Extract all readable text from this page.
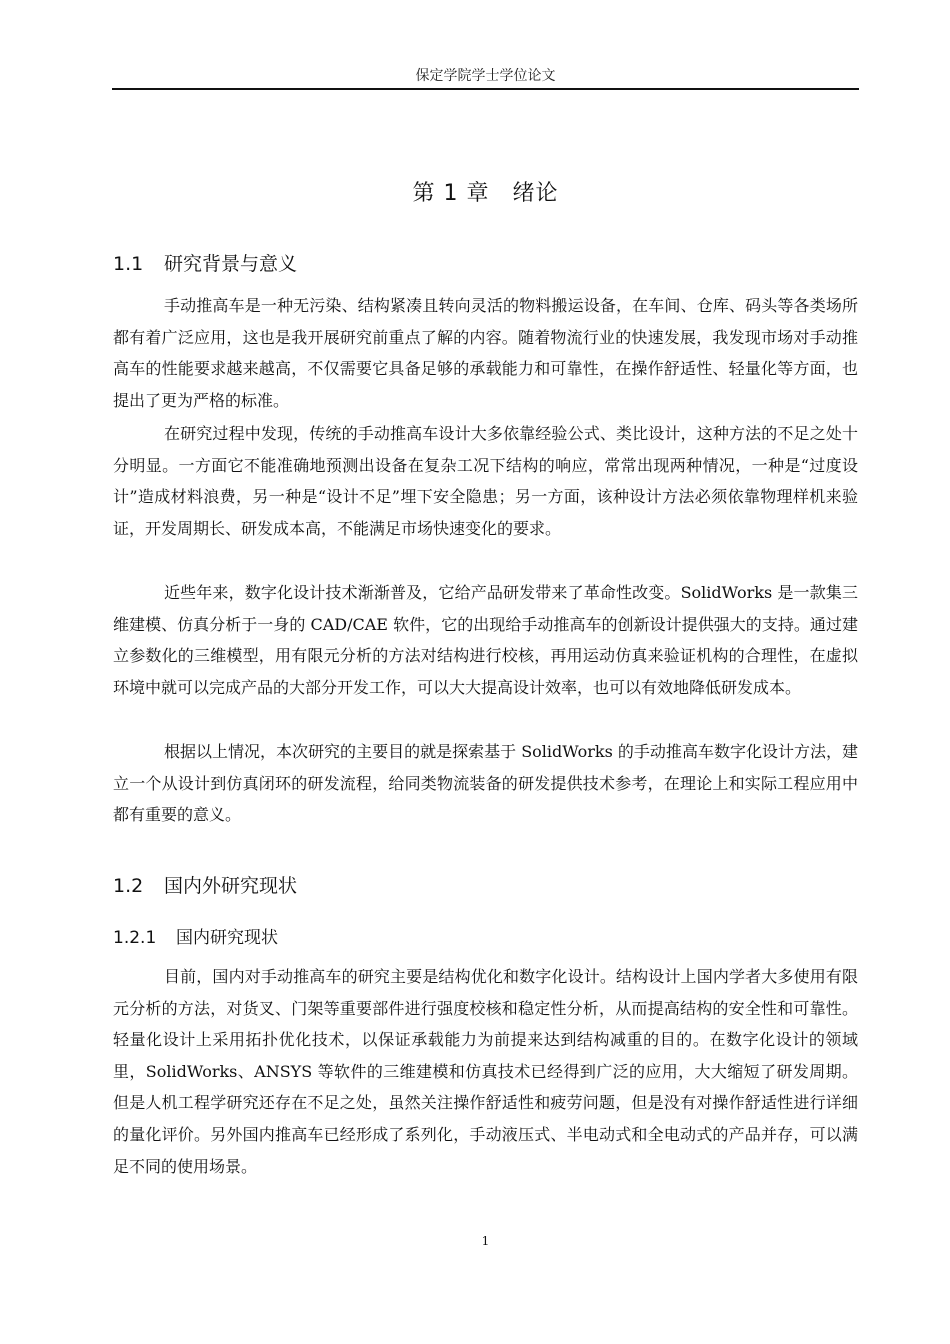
保定学院学士学位论文
第 1 章　绪论
1.1 研究背景与意义

手动推高车是一种无污染、结构紧凑且转向灵活的物料搬运设备，在车间、仓库、码头等各类场所都有着广泛应用，这也是我开展研究前重点了解的内容。随着物流行业的快速发展，我发现市场对手动推高车的性能要求越来越高，不仅需要它具备足够的承载能力和可靠性，在操作舒适性、轻量化等方面，也提出了更为严格的标准。

在研究过程中发现，传统的手动推高车设计大多依靠经验公式、类比设计，这种方法的不足之处十分明显。一方面它不能准确地预测出设备在复杂工况下结构的响应，常常出现两种情况，一种是“过度设计”造成材料浪费，另一种是“设计不足”埋下安全隐患；另一方面，该种设计方法必须依靠物理样机来验证，开发周期长、研发成本高，不能满足市场快速变化的要求。

近些年来，数字化设计技术渐渐普及，它给产品研发带来了革命性改变。SolidWorks 是一款集三维建模、仿真分析于一身的 CAD/CAE 软件，它的出现给手动推高车的创新设计提供强大的支持。通过建立参数化的三维模型，用有限元分析的方法对结构进行校核，再用运动仿真来验证机构的合理性，在虚拟环境中就可以完成产品的大部分开发工作，可以大大提高设计效率，也可以有效地降低研发成本。

根据以上情况，本次研究的主要目的就是探索基于 SolidWorks 的手动推高车数字化设计方法，建立一个从设计到仿真闭环的研发流程，给同类物流装备的研发提供技术参考，在理论上和实际工程应用中都有重要的意义。

1.2 国内外研究现状
1.2.1 国内研究现状

目前，国内对手动推高车的研究主要是结构优化和数字化设计。结构设计上国内学者大多使用有限元分析的方法，对货叉、门架等重要部件进行强度校核和稳定性分析，从而提高结构的安全性和可靠性。轻量化设计上采用拓扑优化技术，以保证承载能力为前提来达到结构减重的目的。在数字化设计的领域里，SolidWorks、ANSYS 等软件的三维建模和仿真技术已经得到广泛的应用，大大缩短了研发周期。但是人机工程学研究还存在不足之处，虽然关注操作舒适性和疲劳问题，但是没有对操作舒适性进行详细的量化评价。另外国内推高车已经形成了系列化，手动液压式、半电动式和全电动式的产品并存，可以满足不同的使用场景。

1
